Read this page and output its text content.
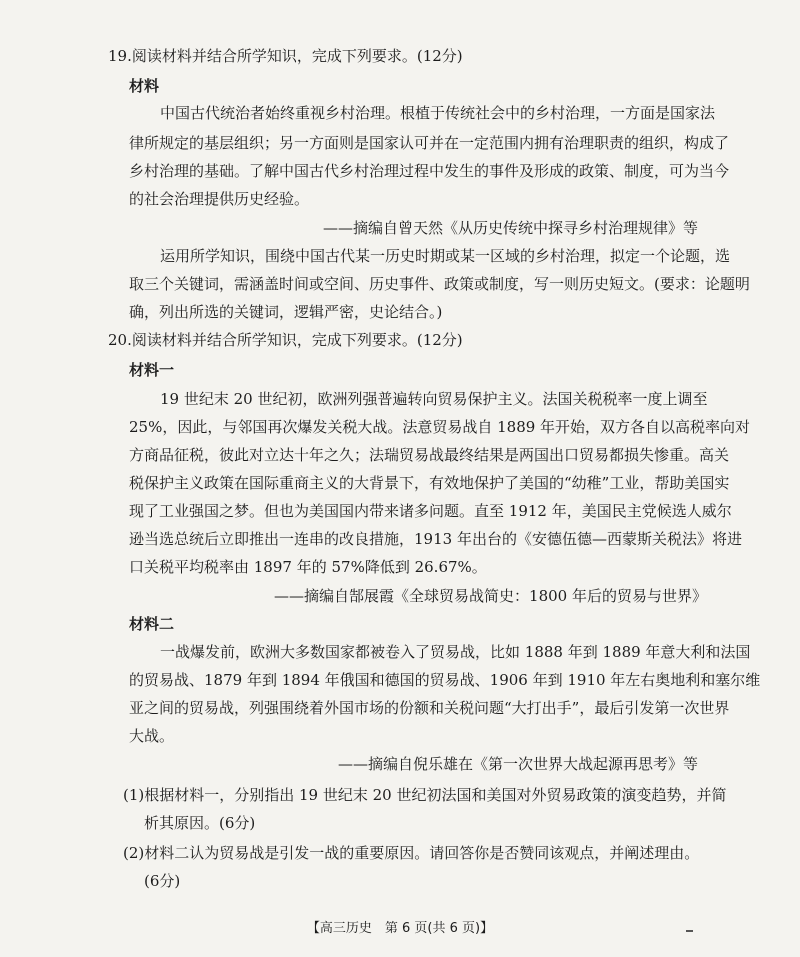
19.阅读材料并结合所学知识，完成下列要求。(12分)
材料
中国古代统治者始终重视乡村治理。根植于传统社会中的乡村治理，一方面是国家法
律所规定的基层组织；另一方面则是国家认可并在一定范围内拥有治理职责的组织，构成了
乡村治理的基础。了解中国古代乡村治理过程中发生的事件及形成的政策、制度，可为当今
的社会治理提供历史经验。
——摘编自曾天然《从历史传统中探寻乡村治理规律》等
运用所学知识，围绕中国古代某一历史时期或某一区域的乡村治理，拟定一个论题，选
取三个关键词，需涵盖时间或空间、历史事件、政策或制度，写一则历史短文。(要求：论题明
确，列出所选的关键词，逻辑严密，史论结合。)
20.阅读材料并结合所学知识，完成下列要求。(12分)
材料一
19 世纪末 20 世纪初，欧洲列强普遍转向贸易保护主义。法国关税税率一度上调至
25%，因此，与邻国再次爆发关税大战。法意贸易战自 1889 年开始，双方各自以高税率向对
方商品征税，彼此对立达十年之久；法瑞贸易战最终结果是两国出口贸易都损失惨重。高关
税保护主义政策在国际重商主义的大背景下，有效地保护了美国的“幼稚”工业，帮助美国实
现了工业强国之梦。但也为美国国内带来诸多问题。直至 1912 年，美国民主党候选人威尔
逊当选总统后立即推出一连串的改良措施，1913 年出台的《安德伍德—西蒙斯关税法》将进
口关税平均税率由 1897 年的 57%降低到 26.67%。
——摘编自郜展霞《全球贸易战简史：1800 年后的贸易与世界》
材料二
一战爆发前，欧洲大多数国家都被卷入了贸易战，比如 1888 年到 1889 年意大利和法国
的贸易战、1879 年到 1894 年俄国和德国的贸易战、1906 年到 1910 年左右奥地利和塞尔维
亚之间的贸易战，列强围绕着外国市场的份额和关税问题“大打出手”，最后引发第一次世界
大战。
——摘编自倪乐雄在《第一次世界大战起源再思考》等
(1)根据材料一，分别指出 19 世纪末 20 世纪初法国和美国对外贸易政策的演变趋势，并简
析其原因。(6分)
(2)材料二认为贸易战是引发一战的重要原因。请回答你是否赞同该观点，并阐述理由。
(6分)
【高三历史　第 6 页(共 6 页)】
